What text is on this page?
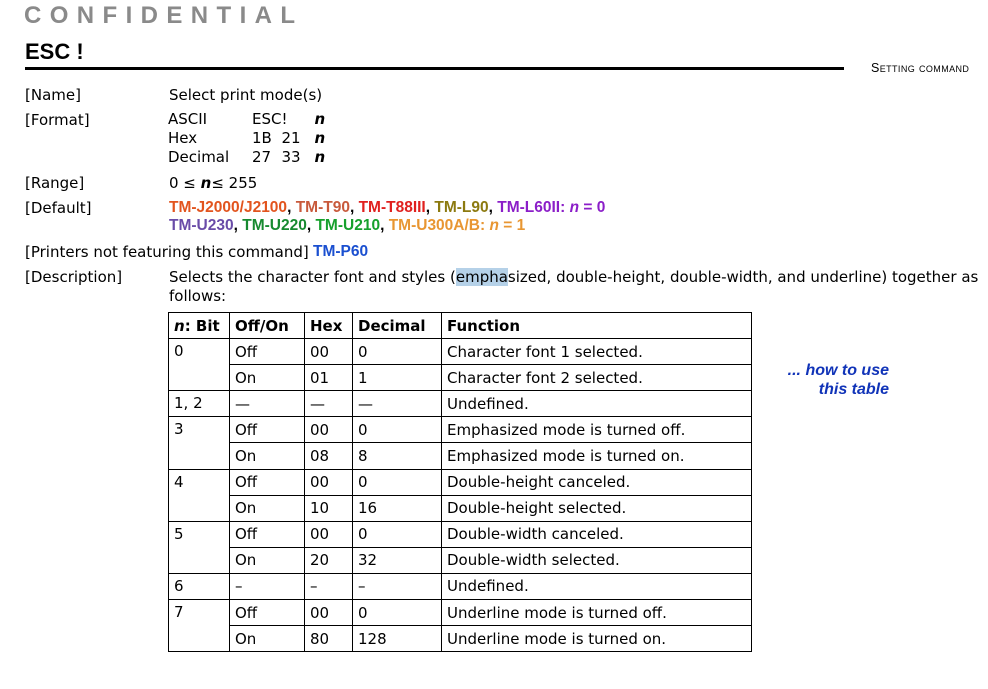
CONFIDENTIAL
ESC !
Setting command
[Name]	Select print mode(s)
[Format]	ASCII	ESC	!	n
Hex	1B	21	n
Decimal	27	33	n
[Range]	0 ≤ n≤ 255
[Default]	TM-J2000/J2100, TM-T90, TM-T88III, TM-L90, TM-L60II: n = 0
TM-U230, TM-U220, TM-U210, TM-U300A/B: n = 1
[Printers not featuring this command] TM-P60
[Description]	Selects the character font and styles (emphasized, double-height, double-width, and underline) together as
follows:
... how to use
this table
n: Bit	Off/On	Hex	Decimal	Function
0	Off	00	0	Character font 1 selected.
	On	01	1	Character font 2 selected.
1, 2	—	—	—	Undefined.
3	Off	00	0	Emphasized mode is turned off.
	On	08	8	Emphasized mode is turned on.
4	Off	00	0	Double-height canceled.
	On	10	16	Double-height selected.
5	Off	00	0	Double-width canceled.
	On	20	32	Double-width selected.
6	–	–	–	Undefined.
7	Off	00	0	Underline mode is turned off.
	On	80	128	Underline mode is turned on.
